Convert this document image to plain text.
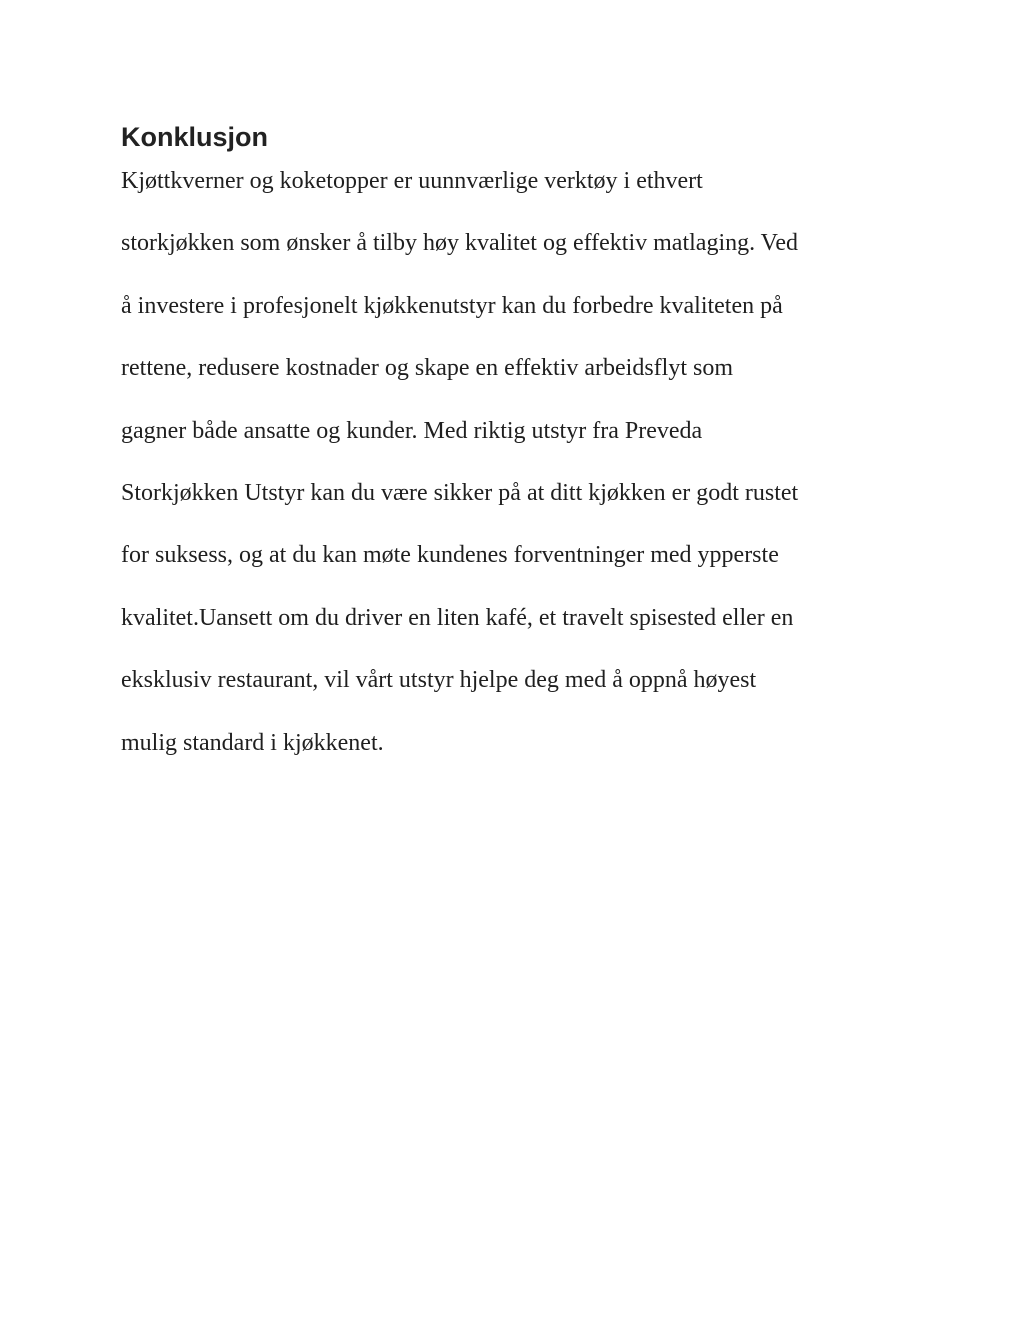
Konklusjon
Kjøttkverner og koketopper er uunnværlige verktøy i ethvert
storkjøkken som ønsker å tilby høy kvalitet og effektiv matlaging. Ved
å investere i profesjonelt kjøkkenutstyr kan du forbedre kvaliteten på
rettene, redusere kostnader og skape en effektiv arbeidsflyt som
gagner både ansatte og kunder. Med riktig utstyr fra Preveda
Storkjøkken Utstyr kan du være sikker på at ditt kjøkken er godt rustet
for suksess, og at du kan møte kundenes forventninger med ypperste
kvalitet.Uansett om du driver en liten kafé, et travelt spisested eller en
eksklusiv restaurant, vil vårt utstyr hjelpe deg med å oppnå høyest
mulig standard i kjøkkenet.
